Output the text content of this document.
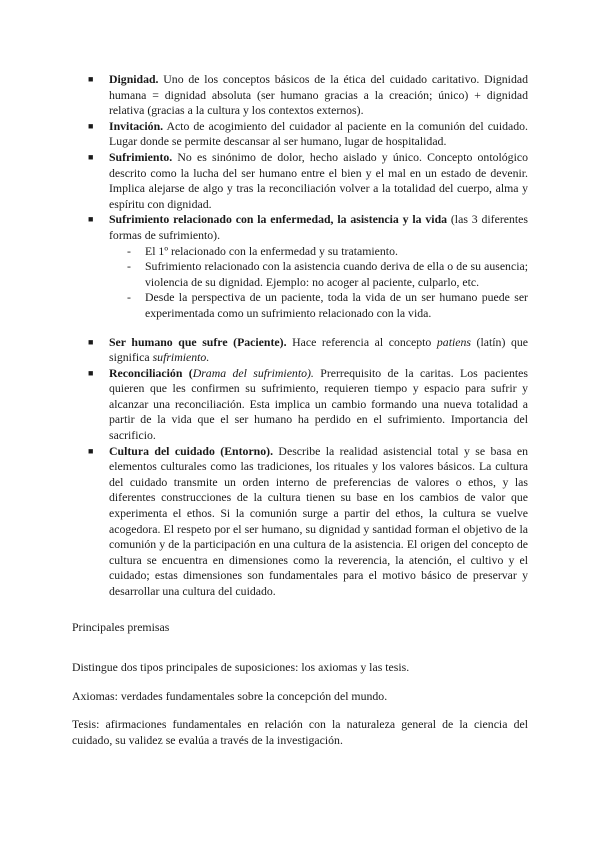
■ Dignidad. Uno de los conceptos básicos de la ética del cuidado caritativo. Dignidad humana = dignidad absoluta (ser humano gracias a la creación; único) + dignidad relativa (gracias a la cultura y los contextos externos).
■ Invitación. Acto de acogimiento del cuidador al paciente en la comunión del cuidado. Lugar donde se permite descansar al ser humano, lugar de hospitalidad.
■ Sufrimiento. No es sinónimo de dolor, hecho aislado y único. Concepto ontológico descrito como la lucha del ser humano entre el bien y el mal en un estado de devenir. Implica alejarse de algo y tras la reconciliación volver a la totalidad del cuerpo, alma y espíritu con dignidad.
■ Sufrimiento relacionado con la enfermedad, la asistencia y la vida (las 3 diferentes formas de sufrimiento).
- El 1º relacionado con la enfermedad y su tratamiento.
- Sufrimiento relacionado con la asistencia cuando deriva de ella o de su ausencia; violencia de su dignidad. Ejemplo: no acoger al paciente, culparlo, etc.
- Desde la perspectiva de un paciente, toda la vida de un ser humano puede ser experimentada como un sufrimiento relacionado con la vida.
■ Ser humano que sufre (Paciente). Hace referencia al concepto patiens (latín) que significa sufrimiento.
■ Reconciliación (Drama del sufrimiento). Prerrequisito de la caritas. Los pacientes quieren que les confirmen su sufrimiento, requieren tiempo y espacio para sufrir y alcanzar una reconciliación. Esta implica un cambio formando una nueva totalidad a partir de la vida que el ser humano ha perdido en el sufrimiento. Importancia del sacrificio.
■ Cultura del cuidado (Entorno). Describe la realidad asistencial total y se basa en elementos culturales como las tradiciones, los rituales y los valores básicos. La cultura del cuidado transmite un orden interno de preferencias de valores o ethos, y las diferentes construcciones de la cultura tienen su base en los cambios de valor que experimenta el ethos. Si la comunión surge a partir del ethos, la cultura se vuelve acogedora. El respeto por el ser humano, su dignidad y santidad forman el objetivo de la comunión y de la participación en una cultura de la asistencia. El origen del concepto de cultura se encuentra en dimensiones como la reverencia, la atención, el cultivo y el cuidado; estas dimensiones son fundamentales para el motivo básico de preservar y desarrollar una cultura del cuidado.

Principales premisas

Distingue dos tipos principales de suposiciones: los axiomas y las tesis.

Axiomas: verdades fundamentales sobre la concepción del mundo.

Tesis: afirmaciones fundamentales en relación con la naturaleza general de la ciencia del cuidado, su validez se evalúa a través de la investigación.
